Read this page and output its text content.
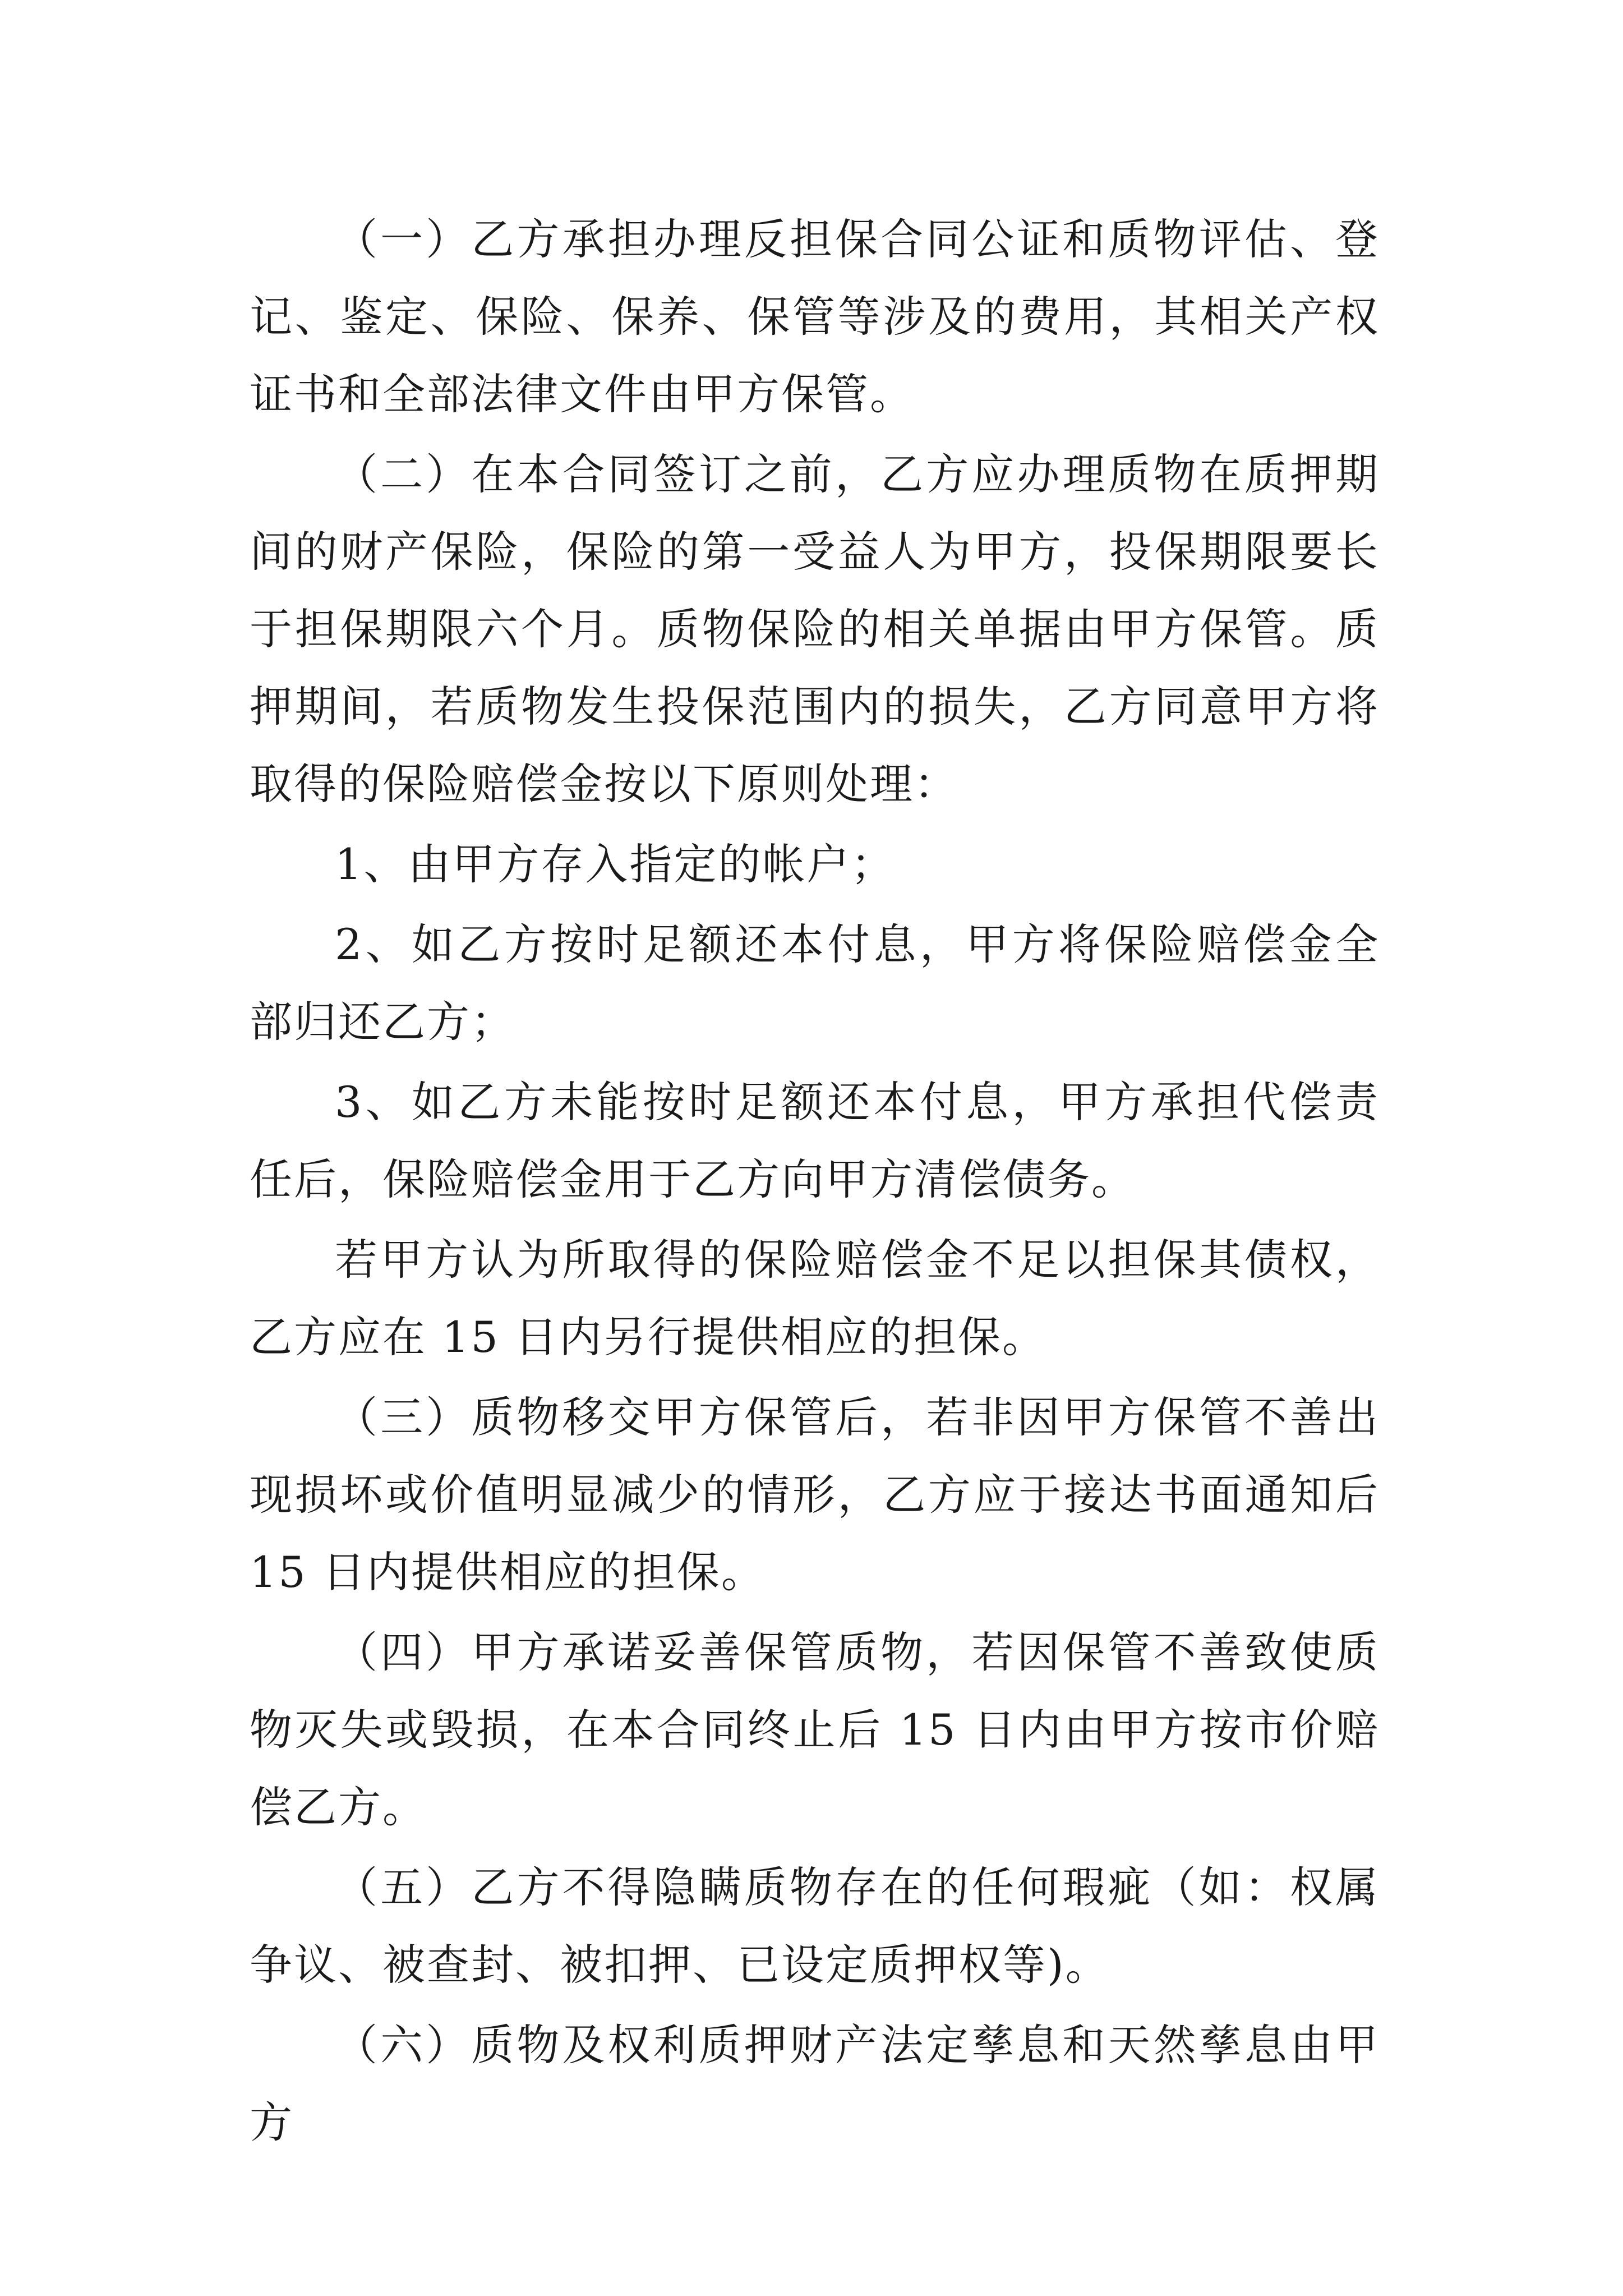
（一）乙方承担办理反担保合同公证和质物评估、登记、鉴定、保险、保养、保管等涉及的费用，其相关产权证书和全部法律文件由甲方保管。

（二）在本合同签订之前，乙方应办理质物在质押期间的财产保险，保险的第一受益人为甲方，投保期限要长于担保期限六个月。质物保险的相关单据由甲方保管。质押期间，若质物发生投保范围内的损失，乙方同意甲方将取得的保险赔偿金按以下原则处理：

1、由甲方存入指定的帐户；

2、如乙方按时足额还本付息，甲方将保险赔偿金全部归还乙方；

3、如乙方未能按时足额还本付息，甲方承担代偿责任后，保险赔偿金用于乙方向甲方清偿债务。

若甲方认为所取得的保险赔偿金不足以担保其债权，乙方应在 15 日内另行提供相应的担保。

（三）质物移交甲方保管后，若非因甲方保管不善出现损坏或价值明显减少的情形，乙方应于接达书面通知后 15 日内提供相应的担保。

（四）甲方承诺妥善保管质物，若因保管不善致使质物灭失或毁损，在本合同终止后 15 日内由甲方按市价赔偿乙方。

（五）乙方不得隐瞒质物存在的任何瑕疵（如：权属争议、被查封、被扣押、已设定质押权等)。

（六）质物及权利质押财产法定孳息和天然孳息由甲方
